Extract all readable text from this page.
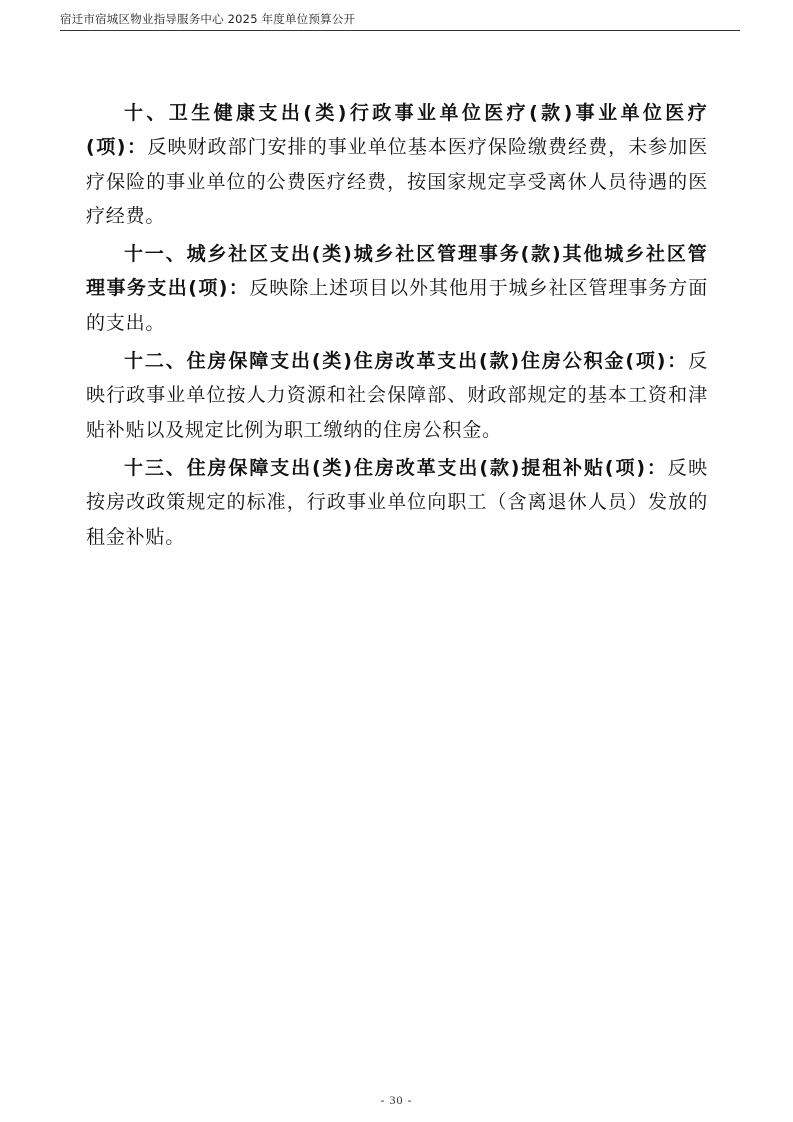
宿迁市宿城区物业指导服务中心 2025 年度单位预算公开

十、卫生健康支出(类)行政事业单位医疗(款)事业单位医疗(项)：反映财政部门安排的事业单位基本医疗保险缴费经费，未参加医疗保险的事业单位的公费医疗经费，按国家规定享受离休人员待遇的医疗经费。

十一、城乡社区支出(类)城乡社区管理事务(款)其他城乡社区管理事务支出(项)：反映除上述项目以外其他用于城乡社区管理事务方面的支出。

十二、住房保障支出(类)住房改革支出(款)住房公积金(项)：反映行政事业单位按人力资源和社会保障部、财政部规定的基本工资和津贴补贴以及规定比例为职工缴纳的住房公积金。

十三、住房保障支出(类)住房改革支出(款)提租补贴(项)：反映按房改政策规定的标准，行政事业单位向职工（含离退休人员）发放的租金补贴。

- 30 -
